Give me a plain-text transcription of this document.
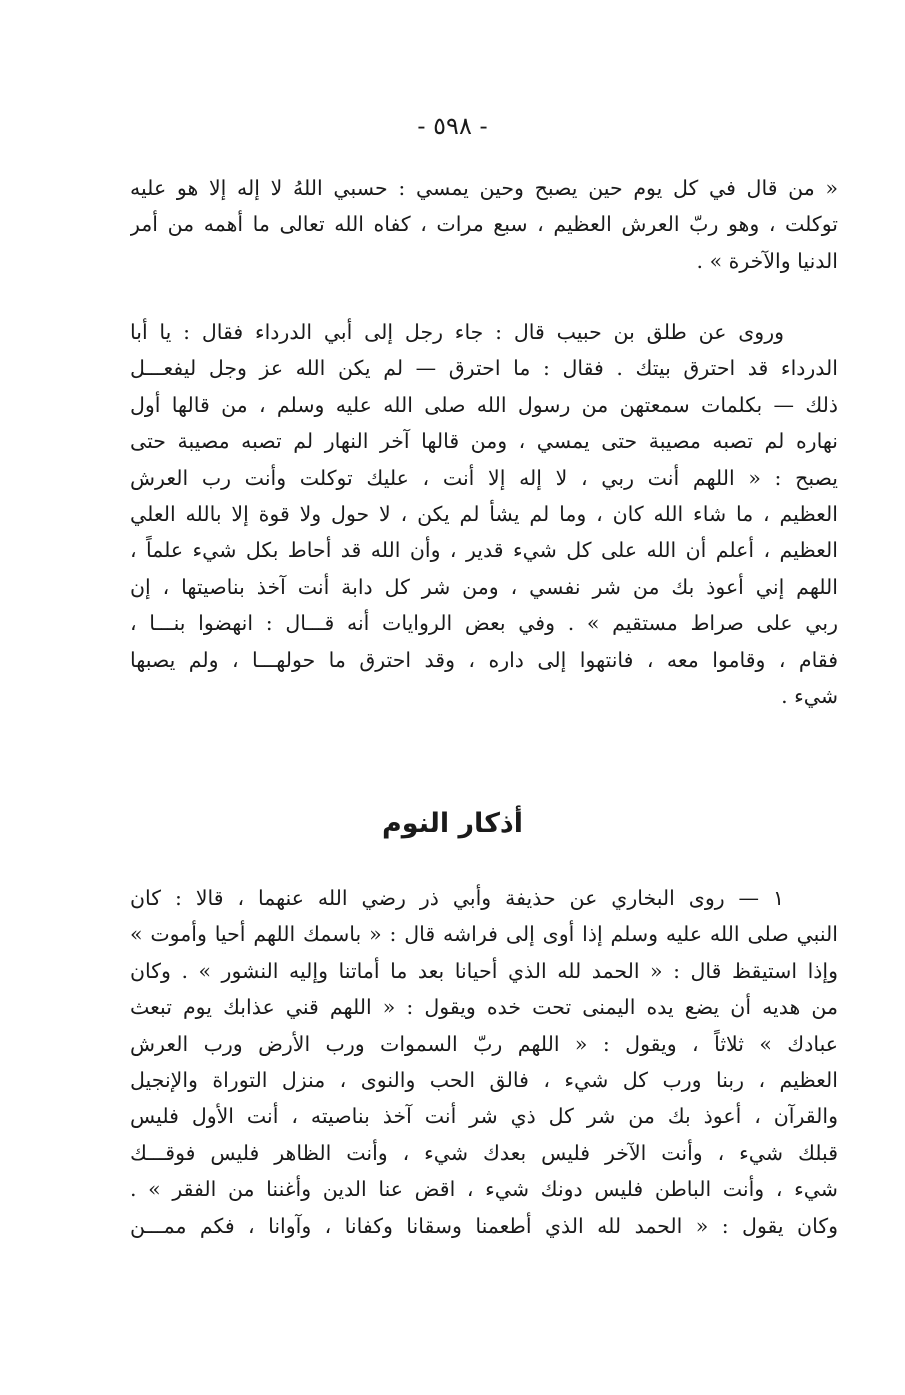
- ٥٩٨ -
« من قال في كل يوم حين يصبح وحين يمسي : حسبي اللهُ لا إله إلا هو عليه
توكلت ، وهو ربّ العرش العظيم ، سبع مرات ، كفاه الله تعالى ما أهمه من أمر
الدنيا والآخرة » .
وروى عن طلق بن حبيب قال : جاء رجل إلى أبي الدرداء فقال : يا أبا
الدرداء قد احترق بيتك . فقال : ما احترق — لم يكن الله عز وجل ليفعـــل
ذلك — بكلمات سمعتهن من رسول الله صلى الله عليه وسلم ، من قالها أول
نهاره لم تصبه مصيبة حتى يمسي ، ومن قالها آخر النهار لم تصبه مصيبة حتى
يصبح : « اللهم أنت ربي ، لا إله إلا أنت ، عليك توكلت وأنت رب العرش
العظيم ، ما شاء الله كان ، وما لم يشأ لم يكن ، لا حول ولا قوة إلا بالله العلي
العظيم ، أعلم أن الله على كل شيء قدير ، وأن الله قد أحاط بكل شيء علماً ،
اللهم إني أعوذ بك من شر نفسي ، ومن شر كل دابة أنت آخذ بناصيتها ، إن
ربي على صراط مستقيم » . وفي بعض الروايات أنه قـــال : انهضوا بنـــا ،
فقام ، وقاموا معه ، فانتهوا إلى داره ، وقد احترق ما حولهـــا ، ولم يصبها
شيء .
أذكار النوم
١ — روى البخاري عن حذيفة وأبي ذر رضي الله عنهما ، قالا : كان
النبي صلى الله عليه وسلم إذا أوى إلى فراشه قال : « باسمك اللهم أحيا وأموت »
وإذا استيقظ قال : « الحمد لله الذي أحيانا بعد ما أماتنا وإليه النشور » . وكان
من هديه أن يضع يده اليمنى تحت خده ويقول : « اللهم قني عذابك يوم تبعث
عبادك » ثلاثاً ، ويقول : « اللهم ربّ السموات ورب الأرض ورب العرش
العظيم ، ربنا ورب كل شيء ، فالق الحب والنوى ، منزل التوراة والإنجيل
والقرآن ، أعوذ بك من شر كل ذي شر أنت آخذ بناصيته ، أنت الأول فليس
قبلك شيء ، وأنت الآخر فليس بعدك شيء ، وأنت الظاهر فليس فوقـــك
شيء ، وأنت الباطن فليس دونك شيء ، اقض عنا الدين وأغننا من الفقر » .
وكان يقول : « الحمد لله الذي أطعمنا وسقانا وكفانا ، وآوانا ، فكم ممـــن
